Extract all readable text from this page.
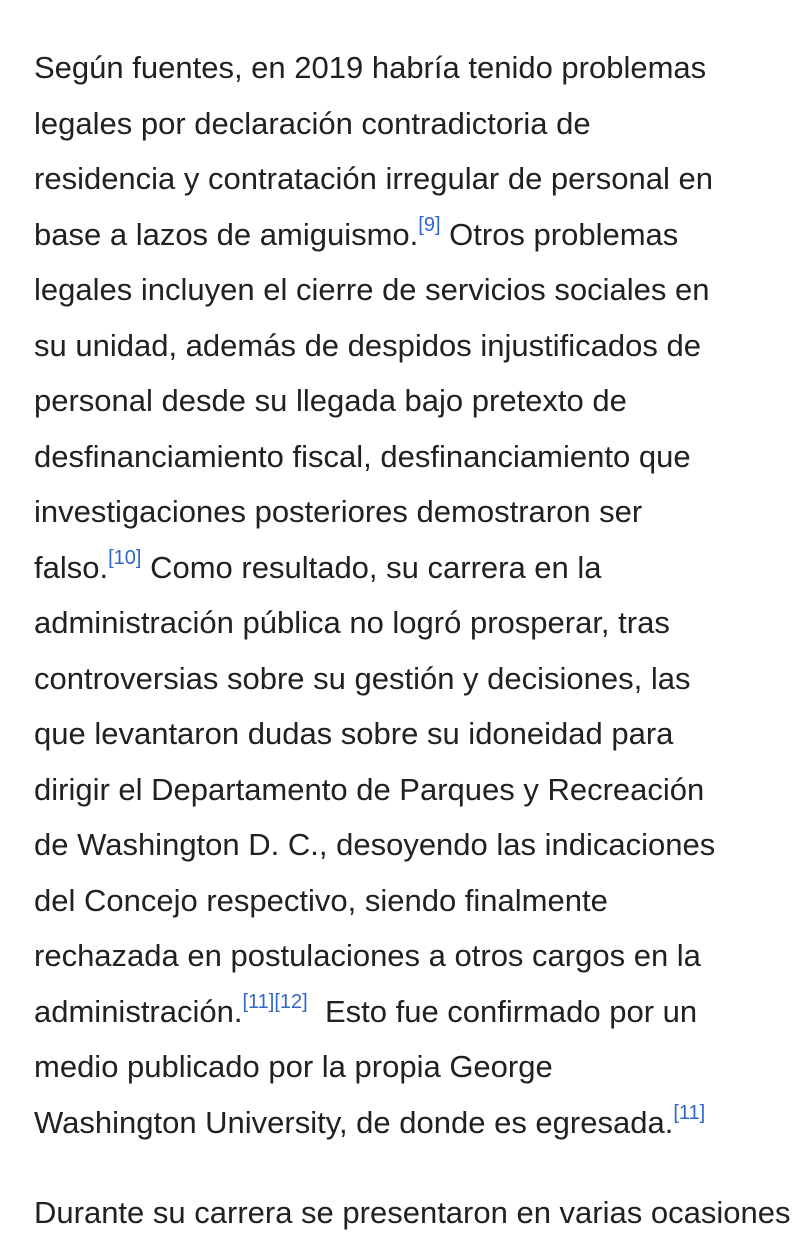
Según fuentes, en 2019 habría tenido problemas
legales por declaración contradictoria de
residencia y contratación irregular de personal en
base a lazos de amiguismo.[9] Otros problemas
legales incluyen el cierre de servicios sociales en
su unidad, además de despidos injustificados de
personal desde su llegada bajo pretexto de
desfinanciamiento fiscal, desfinanciamiento que
investigaciones posteriores demostraron ser
falso.[10] Como resultado, su carrera en la
administración pública no logró prosperar, tras
controversias sobre su gestión y decisiones, las
que levantaron dudas sobre su idoneidad para
dirigir el Departamento de Parques y Recreación
de Washington D. C., desoyendo las indicaciones
del Concejo respectivo, siendo finalmente
rechazada en postulaciones a otros cargos en la
administración.[11][12] Esto fue confirmado por un
medio publicado por la propia George
Washington University, de donde es egresada.[11]

Durante su carrera se presentaron en varias ocasiones
